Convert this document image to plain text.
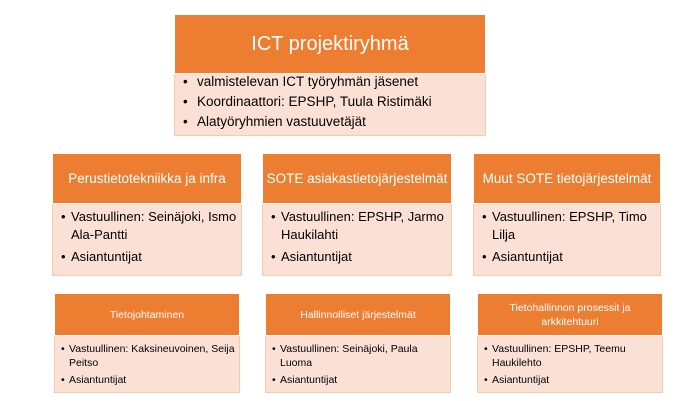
• valmistelevan ICT työryhmän jäsenet
• Koordinaattori: EPSHP, Tuula Ristimäki
• Alatyöryhmien vastuuvetäjät
ICT projektiryhmä
• Vastuullinen: Seinäjoki, Ismo Ala-Pantti
• Asiantuntijat
Perustietotekniikka ja infra
• Vastuullinen: EPSHP, Jarmo Haukilahti
• Asiantuntijat
SOTE asiakastietojärjestelmät
• Vastuullinen: EPSHP, Timo Lilja
• Asiantuntijat
Muut SOTE tietojärjestelmät
• Vastuullinen: Kaksineuvoinen, Seija Peitso
• Asiantuntijat
Tietojohtaminen
• Vastuullinen: Seinäjoki, Paula Luoma
• Asiantuntijat
Hallinnolliset järjestelmät
• Vastuullinen: EPSHP, Teemu Haukilehto
• Asiantuntijat
Tietohallinnon prosessit ja arkkitehtuuri
